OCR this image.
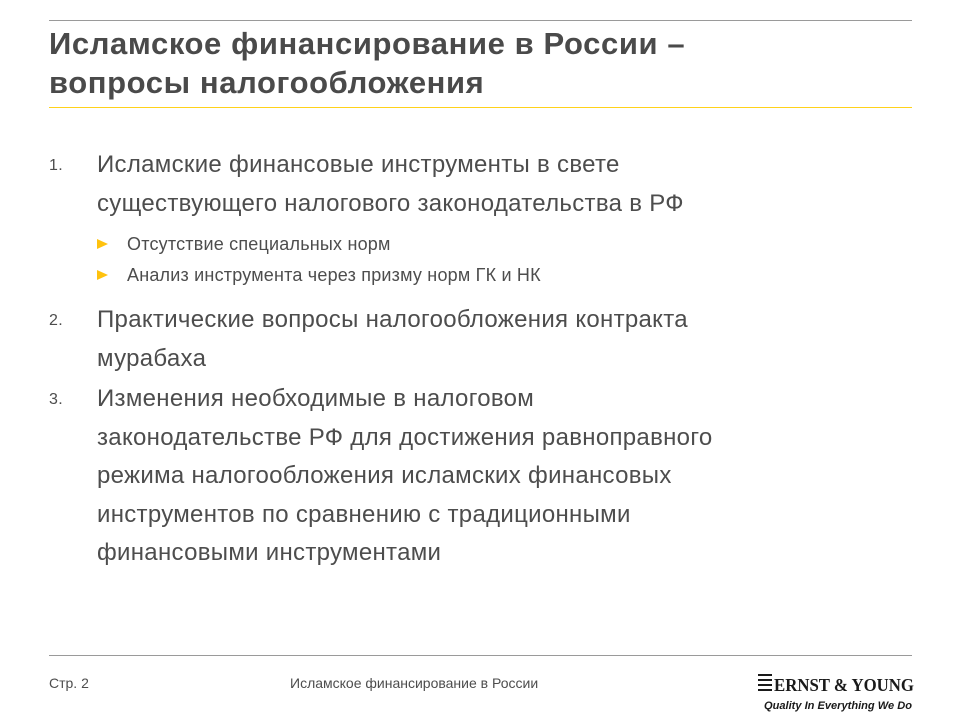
Исламское финансирование в России –
вопросы налогообложения
1. Исламские финансовые инструменты в свете
существующего налогового законодательства в РФ
Отсутствие специальных норм
Анализ инструмента через призму норм ГК и НК
2. Практические вопросы налогообложения контракта
мурабаха
3. Изменения необходимые в налоговом
законодательстве РФ для достижения равноправного
режима налогообложения исламских финансовых
инструментов по сравнению с традиционными
финансовыми инструментами
Стр. 2	Исламское финансирование в России	ERNST & YOUNG
Quality In Everything We Do
